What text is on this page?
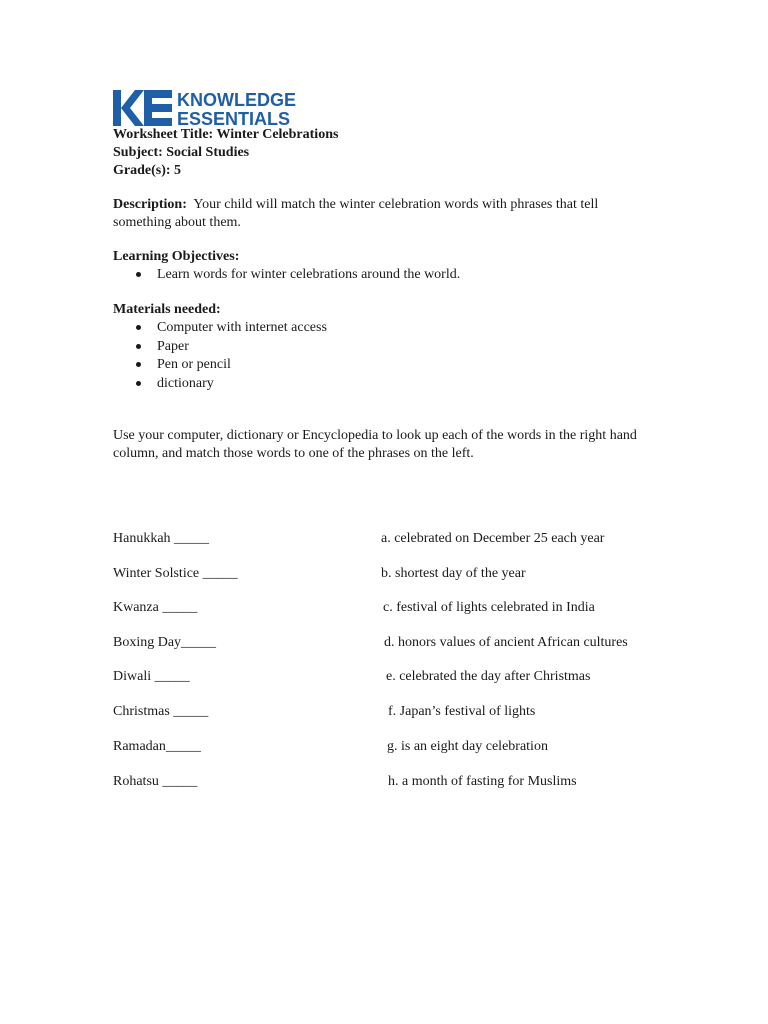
KNOWLEDGE
ESSENTIALS
Worksheet Title: Winter Celebrations
Subject: Social Studies
Grade(s): 5
Description: Your child will match the winter celebration words with phrases that tell something about them.
Learning Objectives:
Learn words for winter celebrations around the world.
Materials needed:
Computer with internet access
Paper
Pen or pencil
dictionary
Use your computer, dictionary or Encyclopedia to look up each of the words in the right hand column, and match those words to one of the phrases on the left.
Hanukkah _____
Winter Solstice _____
Kwanza _____
Boxing Day_____
Diwali _____
Christmas _____
Ramadan_____
Rohatsu _____
a. celebrated on December 25 each year
b. shortest day of the year
c. festival of lights celebrated in India
d. honors values of ancient African cultures
e. celebrated the day after Christmas
f. Japan’s festival of lights
g. is an eight day celebration
h. a month of fasting for Muslims
